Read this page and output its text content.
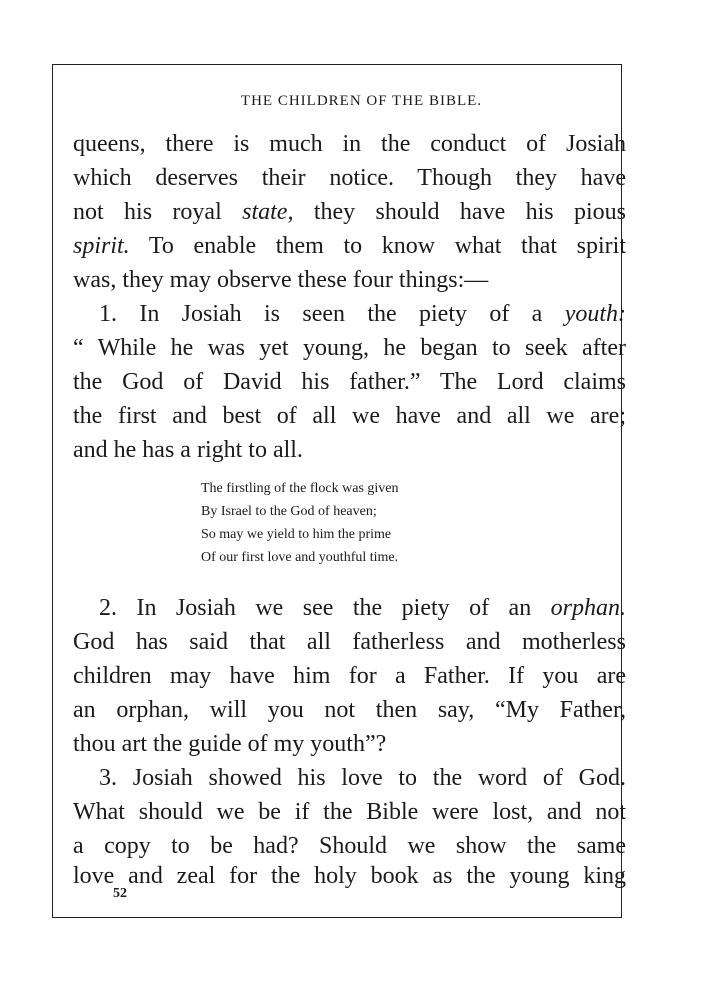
THE CHILDREN OF THE BIBLE.
queens, there is much in the conduct of Josiah
which deserves their notice. Though they have
not his royal state, they should have his pious
spirit. To enable them to know what that spirit
was, they may observe these four things:—
1. In Josiah is seen the piety of a youth:
“ While he was yet young, he began to seek after
the God of David his father.” The Lord claims
the first and best of all we have and all we are;
and he has a right to all.
The firstling of the flock was given
By Israel to the God of heaven;
So may we yield to him the prime
Of our first love and youthful time.
2. In Josiah we see the piety of an orphan.
God has said that all fatherless and motherless
children may have him for a Father. If you are
an orphan, will you not then say, “My Father,
thou art the guide of my youth”?
3. Josiah showed his love to the word of God.
What should we be if the Bible were lost, and not
a copy to be had? Should we show the same
love and zeal for the holy book as the young king
52
